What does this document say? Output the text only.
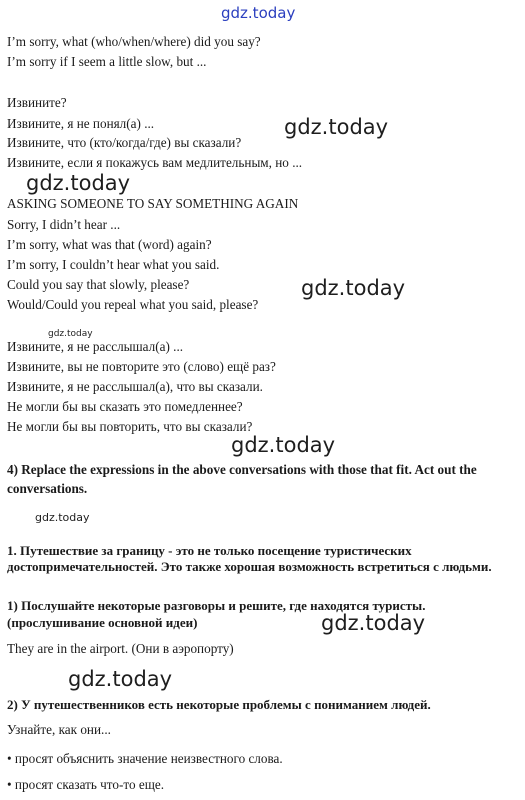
gdz.today
gdz.today
gdz.today
gdz.today
gdz.today
gdz.today
gdz.today
gdz.today
gdz.today
I’m sorry, what (who/when/where) did you say?
I’m sorry if I seem a little slow, but ...
Извините?
Извините, я не понял(а) ...
Извините, что (кто/когда/где) вы сказали?
Извините, если я покажусь вам медлительным, но ...
ASKING SOMEONE TO SAY SOMETHING AGAIN
Sorry, I didn’t hear ...
I’m sorry, what was that (word) again?
I’m sorry, I couldn’t hear what you said.
Could you say that slowly, please?
Would/Could you repeal what you said, please?
Извините, я не расслышал(а) ...
Извините, вы не повторите это (слово) ещё раз?
Извините, я не расслышал(а), что вы сказали.
Не могли бы вы сказать это помедленнее?
Не могли бы вы повторить, что вы сказали?
4) Replace the expressions in the above conversations with those that fit. Act out the conversations.
1. Путешествие за границу - это не только посещение туристических достопримечательностей. Это также хорошая возможность встретиться с людьми.
1) Послушайте некоторые разговоры и решите, где находятся туристы. (прослушивание основной идеи)
They are in the airport. (Они в аэропорту)
2) У путешественников есть некоторые проблемы с пониманием людей.
Узнайте, как они...
• просят объяснить значение неизвестного слова.
• просят сказать что-то еще.
